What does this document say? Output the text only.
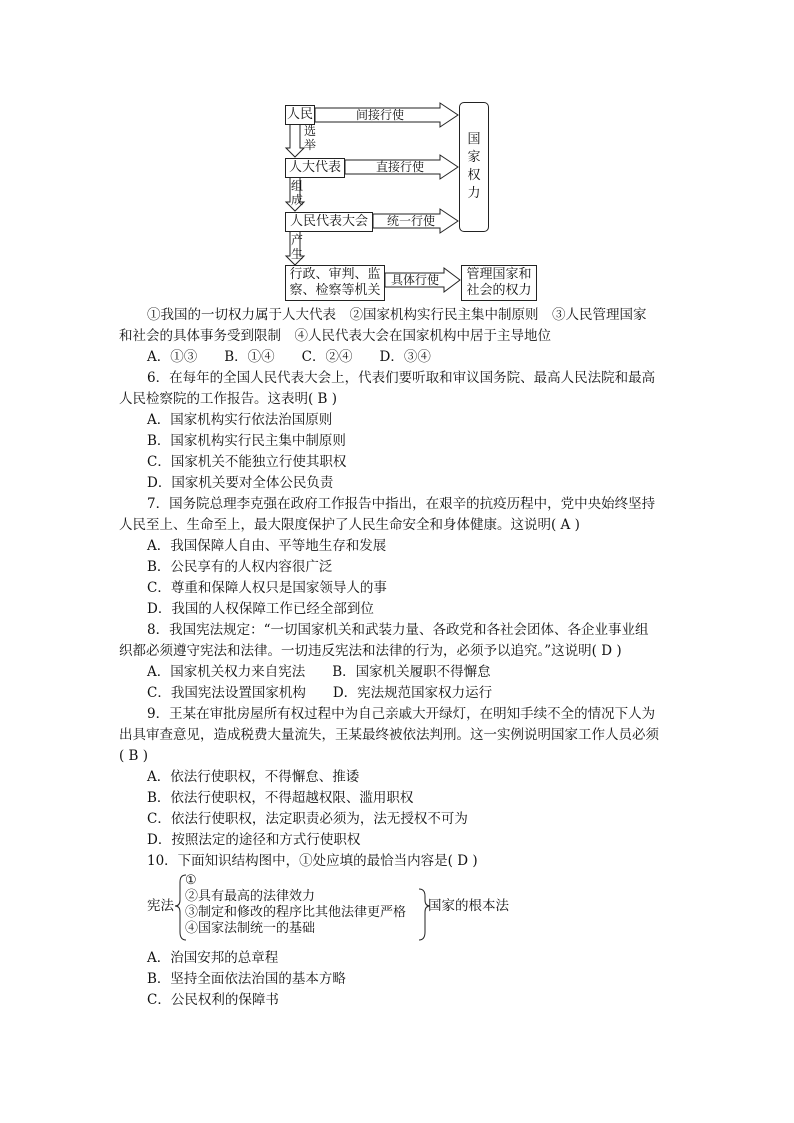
人民	间接行使
选
举
人大代表	直接行使
组
成
人民代表大会	统一行使
产
生
行政、审判、监
察、检察等机关
具体行使
国
家
权
力
管理国家和
社会的权力
①我国的一切权力属于人大代表　②国家机构实行民主集中制原则　③人民管理国家
和社会的具体事务受到限制　④人民代表大会在国家机构中居于主导地位
A．①③　　B．①④　　C．②④　　D．③④
6．在每年的全国人民代表大会上，代表们要听取和审议国务院、最高人民法院和最高
人民检察院的工作报告。这表明( B )
A．国家机构实行依法治国原则
B．国家机构实行民主集中制原则
C．国家机关不能独立行使其职权
D．国家机关要对全体公民负责
7．国务院总理李克强在政府工作报告中指出，在艰辛的抗疫历程中，党中央始终坚持
人民至上、生命至上，最大限度保护了人民生命安全和身体健康。这说明( A )
A．我国保障人自由、平等地生存和发展
B．公民享有的人权内容很广泛
C．尊重和保障人权只是国家领导人的事
D．我国的人权保障工作已经全部到位
8．我国宪法规定：“一切国家机关和武装力量、各政党和各社会团体、各企业事业组
织都必须遵守宪法和法律。一切违反宪法和法律的行为，必须予以追究。”这说明( D )
A．国家机关权力来自宪法　　B．国家机关履职不得懈怠
C．我国宪法设置国家机构　　D．宪法规范国家权力运行
9．王某在审批房屋所有权过程中为自己亲戚大开绿灯，在明知手续不全的情况下人为
出具审查意见，造成税费大量流失，王某最终被依法判刑。这一实例说明国家工作人员必须
( B )
A．依法行使职权，不得懈怠、推诿
B．依法行使职权，不得超越权限、滥用职权
C．依法行使职权，法定职责必须为，法无授权不可为
D．按照法定的途径和方式行使职权
10．下面知识结构图中，①处应填的最恰当内容是( D )
宪法
①
②具有最高的法律效力
③制定和修改的程序比其他法律更严格
④国家法制统一的基础
国家的根本法
A．治国安邦的总章程
B．坚持全面依法治国的基本方略
C．公民权利的保障书
